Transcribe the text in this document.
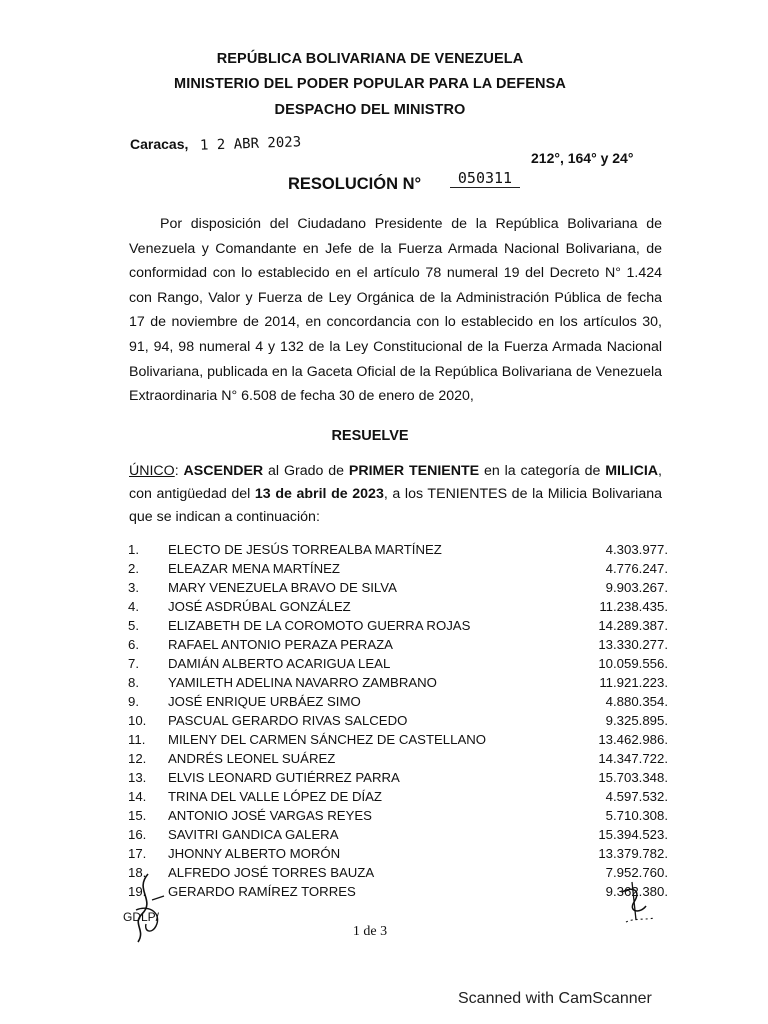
REPÚBLICA BOLIVARIANA DE VENEZUELA
MINISTERIO DEL PODER POPULAR PARA LA DEFENSA
DESPACHO DEL MINISTRO
Caracas, 1 2 ABR 2023
212°, 164° y 24°
RESOLUCIÓN N°	050311
Por disposición del Ciudadano Presidente de la República Bolivariana de Venezuela y Comandante en Jefe de la Fuerza Armada Nacional Bolivariana, de conformidad con lo establecido en el artículo 78 numeral 19 del Decreto N° 1.424 con Rango, Valor y Fuerza de Ley Orgánica de la Administración Pública de fecha 17 de noviembre de 2014, en concordancia con lo establecido en los artículos 30, 91, 94, 98 numeral 4 y 132 de la Ley Constitucional de la Fuerza Armada Nacional Bolivariana, publicada en la Gaceta Oficial de la República Bolivariana de Venezuela Extraordinaria N° 6.508 de fecha 30 de enero de 2020,
RESUELVE
ÚNICO: ASCENDER al Grado de PRIMER TENIENTE en la categoría de MILICIA, con antigüedad del 13 de abril de 2023, a los TENIENTES de la Milicia Bolivariana que se indican a continuación:
1. ELECTO DE JESÚS TORREALBA MARTÍNEZ	4.303.977.
2. ELEAZAR MENA MARTÍNEZ	4.776.247.
3. MARY VENEZUELA BRAVO DE SILVA	9.903.267.
4. JOSÉ ASDRÚBAL GONZÁLEZ	11.238.435.
5. ELIZABETH DE LA COROMOTO GUERRA ROJAS	14.289.387.
6. RAFAEL ANTONIO PERAZA PERAZA	13.330.277.
7. DAMIÁN ALBERTO ACARIGUA LEAL	10.059.556.
8. YAMILETH ADELINA NAVARRO ZAMBRANO	11.921.223.
9. JOSÉ ENRIQUE URBÁEZ SIMO	4.880.354.
10. PASCUAL GERARDO RIVAS SALCEDO	9.325.895.
11. MILENY DEL CARMEN SÁNCHEZ DE CASTELLANO	13.462.986.
12. ANDRÉS LEONEL SUÁREZ	14.347.722.
13. ELVIS LEONARD GUTIÉRREZ PARRA	15.703.348.
14. TRINA DEL VALLE LÓPEZ DE DÍAZ	4.597.532.
15. ANTONIO JOSÉ VARGAS REYES	5.710.308.
16. SAVITRI GANDICA GALERA	15.394.523.
17. JHONNY ALBERTO MORÓN	13.379.782.
18. ALFREDO JOSÉ TORRES BAUZA	7.952.760.
19. GERARDO RAMÍREZ TORRES	9.362.380.
GDLP/
1 de 3
Scanned with CamScanner
